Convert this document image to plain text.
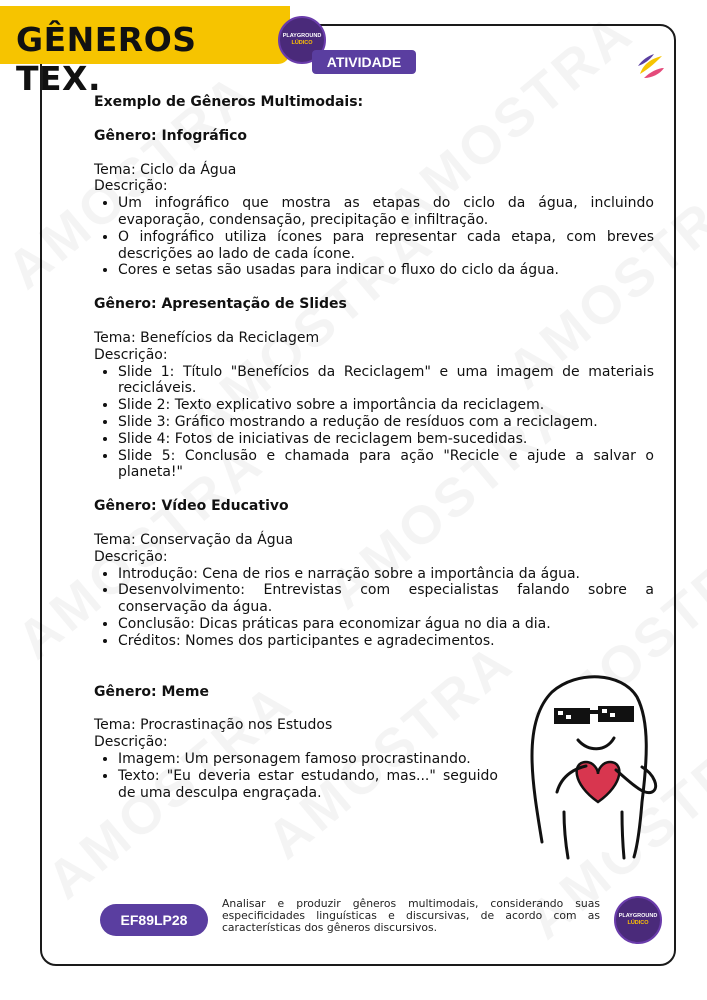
GÊNEROS TEX.
PLAYGROUND
LÚDICO
ATIVIDADE

Exemplo de Gêneros Multimodais:

Gênero: Infográfico

Tema: Ciclo da Água

Descrição:

• Um infográfico que mostra as etapas do ciclo da água, incluindo evaporação, condensação, precipitação e infiltração.
• O infográfico utiliza ícones para representar cada etapa, com breves descrições ao lado de cada ícone.
• Cores e setas são usadas para indicar o fluxo do ciclo da água.

Gênero: Apresentação de Slides

Tema: Benefícios da Reciclagem

Descrição:

• Slide 1: Título "Benefícios da Reciclagem" e uma imagem de materiais recicláveis.
• Slide 2: Texto explicativo sobre a importância da reciclagem.
• Slide 3: Gráfico mostrando a redução de resíduos com a reciclagem.
• Slide 4: Fotos de iniciativas de reciclagem bem-sucedidas.
• Slide 5: Conclusão e chamada para ação "Recicle e ajude a salvar o planeta!"

Gênero: Vídeo Educativo

Tema: Conservação da Água

Descrição:

• Introdução: Cena de rios e narração sobre a importância da água.
• Desenvolvimento: Entrevistas com especialistas falando sobre a conservação da água.
• Conclusão: Dicas práticas para economizar água no dia a dia.
• Créditos: Nomes dos participantes e agradecimentos.

Gênero: Meme

Tema: Procrastinação nos Estudos

Descrição:

• Imagem: Um personagem famoso procrastinando.
• Texto: "Eu deveria estar estudando, mas..." seguido de uma desculpa engraçada.
EF89LP28
Analisar e produzir gêneros multimodais, considerando suas especificidades linguísticas e discursivas, de acordo com as características dos gêneros discursivos.
PLAYGROUND
LÚDICO
